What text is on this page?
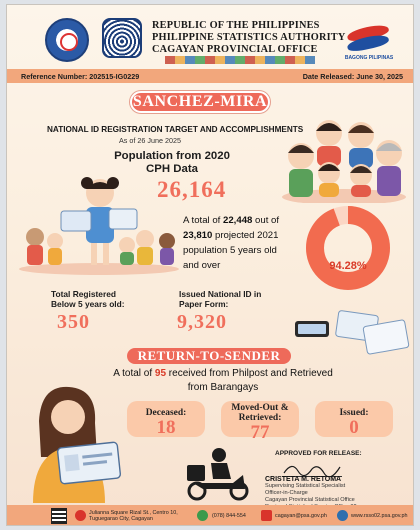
REPUBLIC OF THE PHILIPPINES
PHILIPPINE STATISTICS AUTHORITY
CAGAYAN PROVINCIAL OFFICE
BAGONG PILIPINAS
Reference Number: 202515-IG0229	Date Released: June 30, 2025
SANCHEZ-MIRA
NATIONAL ID REGISTRATION TARGET AND ACCOMPLISHMENTS
As of 26 June 2025
Population from 2020
CPH Data
26,164
A total of 22,448 out of
23,810 projected 2021
population 5 years old
and over	94.28%
Total Registered
Below 5 years old:
350
Issued National ID in
Paper Form:
9,320
RETURN-TO-SENDER
A total of 95 received from Philpost and Retrieved
from Barangays
Deceased:
18
Moved-Out &
Retrieved:
77
Issued:
0
APPROVED FOR RELEASE:
CRISTETA M. RETOMA
Supervising Statistical Specialist
Officer-in-Charge
Cagayan Provincial Statistical Office
Julianna Square Rizal St., Centro 10,
Tuguegarao City, Cagayan	(078) 844-554	cagayan@psa.gov.ph	www.rsso02.psa.gov.ph
